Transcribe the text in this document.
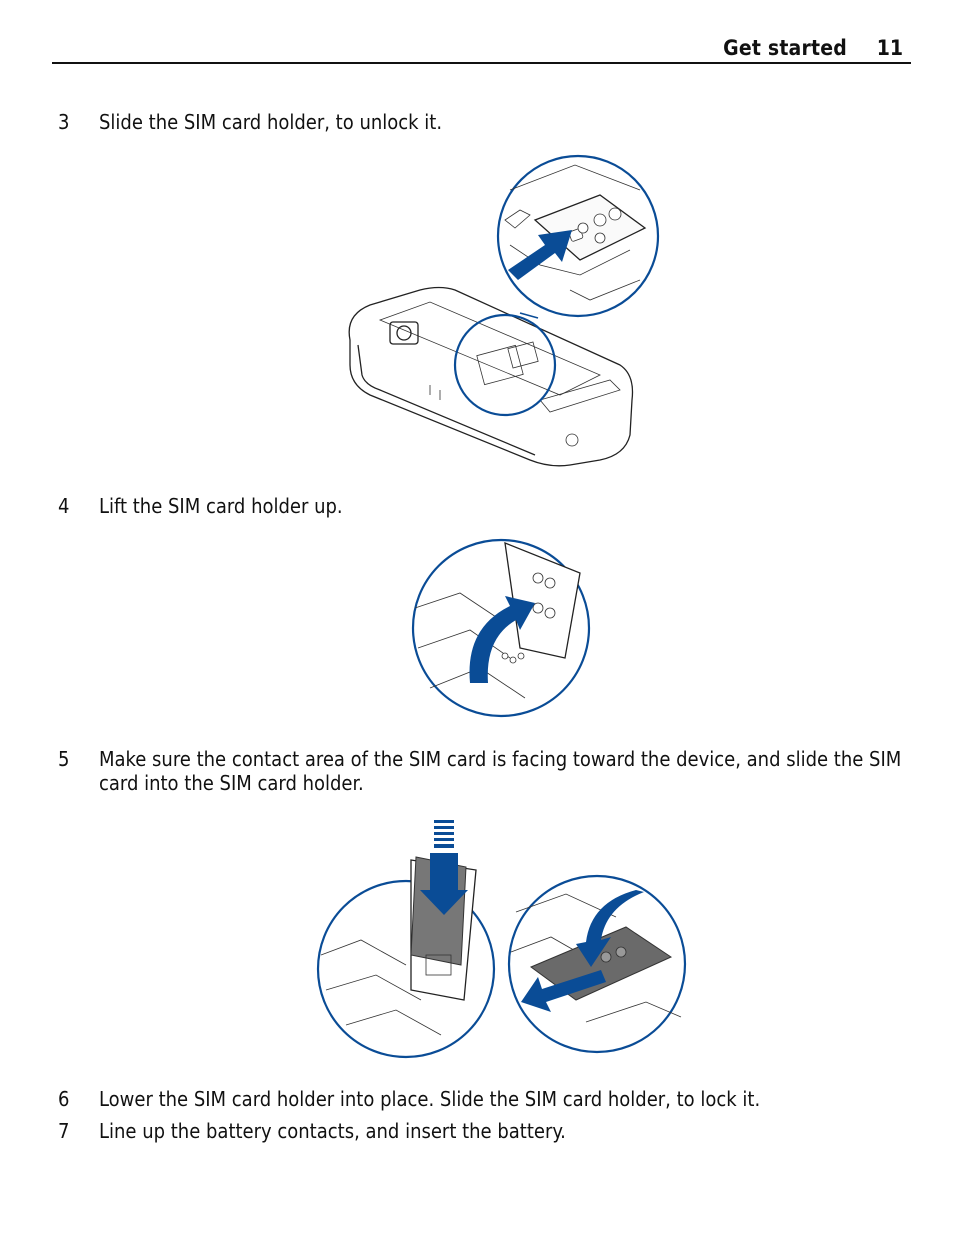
Get started 11
3	Slide the SIM card holder, to unlock it.
4	Lift the SIM card holder up.
5	Make sure the contact area of the SIM card is facing toward the device, and slide the SIM card into the SIM card holder.
6	Lower the SIM card holder into place. Slide the SIM card holder, to lock it.
7	Line up the battery contacts, and insert the battery.
